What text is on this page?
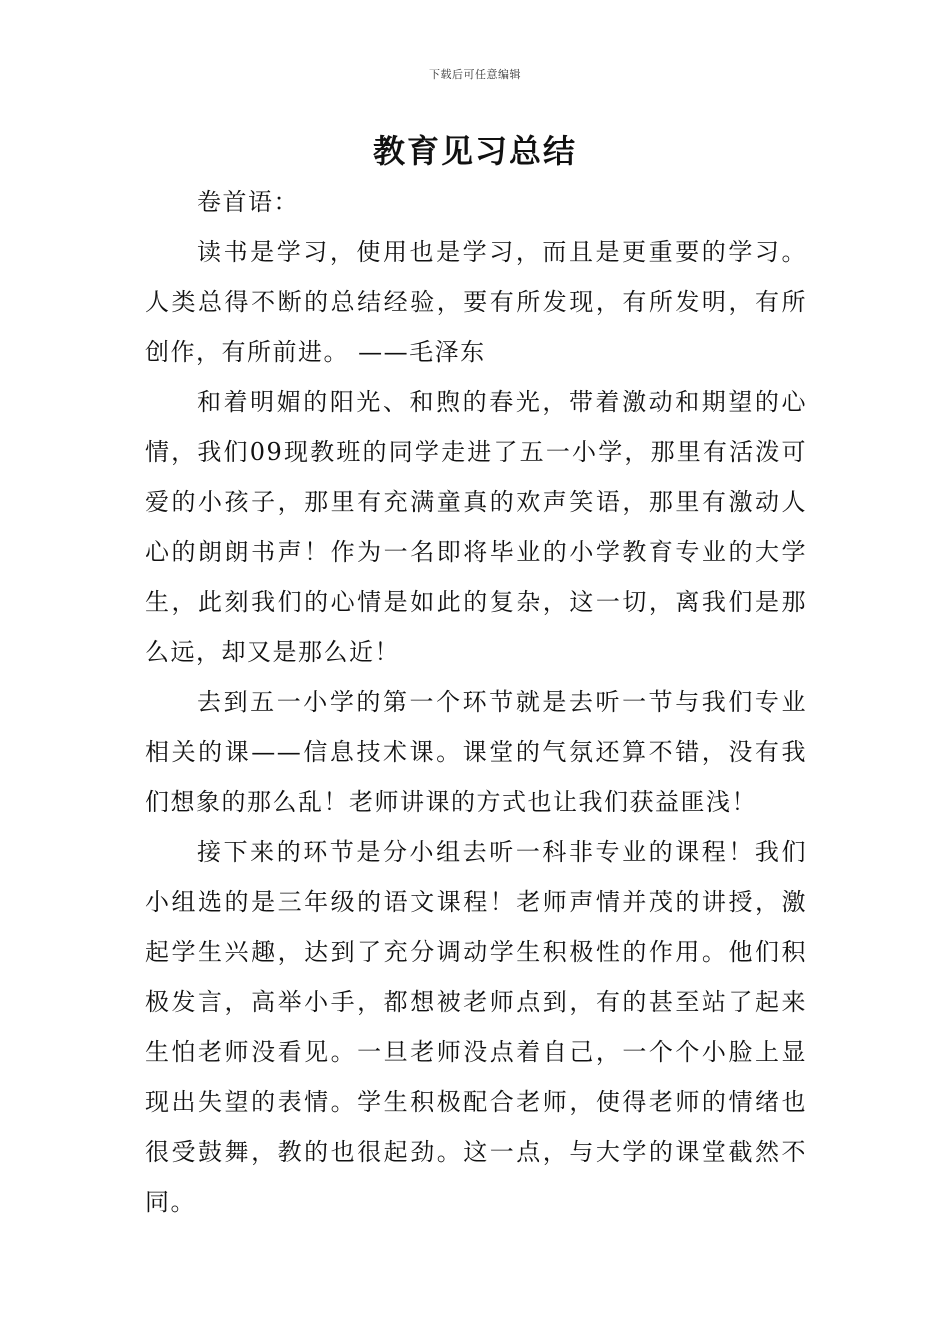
下载后可任意编辑
教育见习总结

卷首语：

读书是学习，使用也是学习，而且是更重要的学习。人类总得不断的总结经验，要有所发现，有所发明，有所创作，有所前进。 ——毛泽东

和着明媚的阳光、和煦的春光，带着激动和期望的心情，我们09现教班的同学走进了五一小学，那里有活泼可爱的小孩子，那里有充满童真的欢声笑语，那里有激动人心的朗朗书声！作为一名即将毕业的小学教育专业的大学生，此刻我们的心情是如此的复杂，这一切，离我们是那么远，却又是那么近！

去到五一小学的第一个环节就是去听一节与我们专业相关的课——信息技术课。课堂的气氛还算不错，没有我们想象的那么乱！老师讲课的方式也让我们获益匪浅！

接下来的环节是分小组去听一科非专业的课程！我们小组选的是三年级的语文课程！老师声情并茂的讲授，激起学生兴趣，达到了充分调动学生积极性的作用。他们积极发言，高举小手，都想被老师点到，有的甚至站了起来生怕老师没看见。一旦老师没点着自己，一个个小脸上显现出失望的表情。学生积极配合老师，使得老师的情绪也很受鼓舞，教的也很起劲。这一点，与大学的课堂截然不同。
